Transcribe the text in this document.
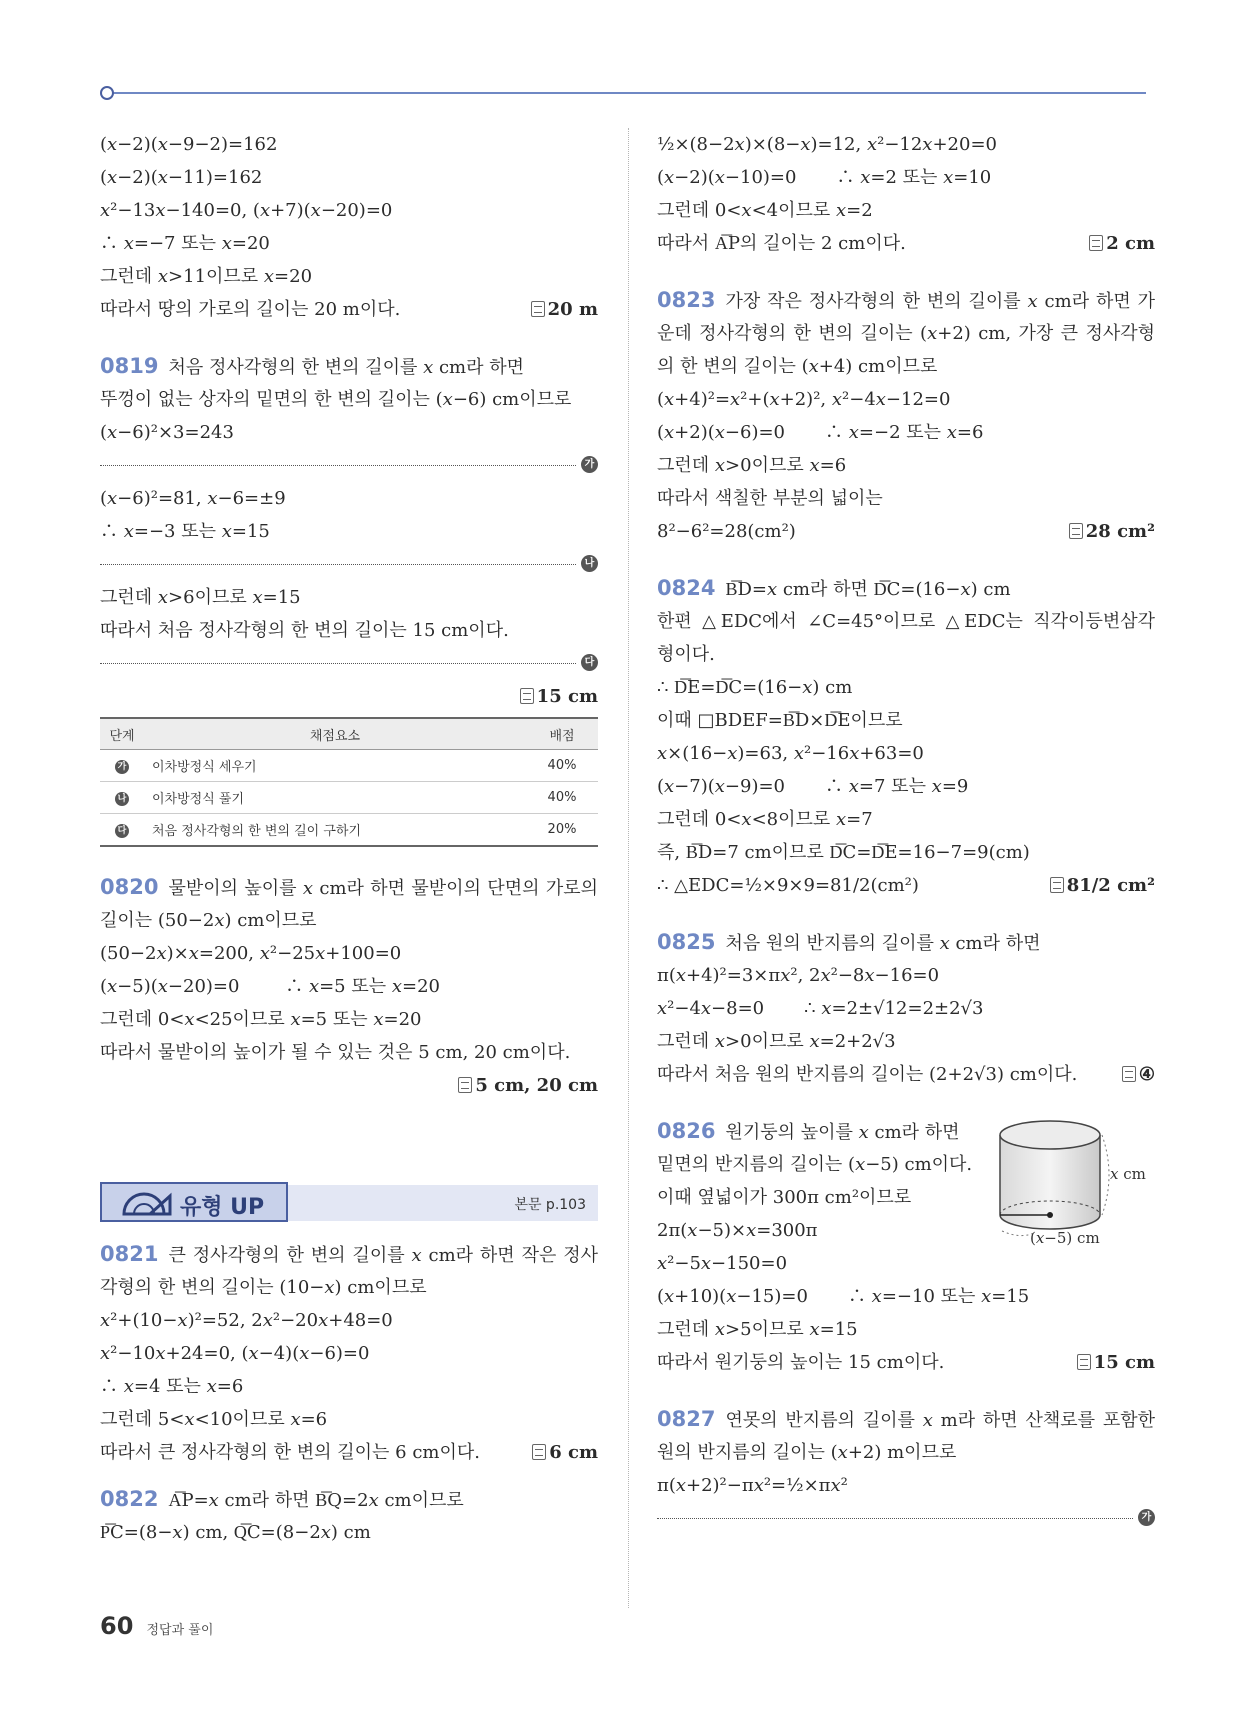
(𝑥−2)(𝑥−9−2)=162
(𝑥−2)(𝑥−11)=162
𝑥²−13𝑥−140=0, (𝑥+7)(𝑥−20)=0
∴ 𝑥=−7 또는 𝑥=20
그런데 𝑥>11이므로 𝑥=20
따라서 땅의 가로의 길이는 20 m이다.	20 m
0819 처음 정사각형의 한 변의 길이를 𝑥 cm라 하면
뚜껑이 없는 상자의 밑면의 한 변의 길이는 (𝑥−6) cm이므로
(𝑥−6)²×3=243
가
(𝑥−6)²=81, 𝑥−6=±9
∴ 𝑥=−3 또는 𝑥=15
나
그런데 𝑥>6이므로 𝑥=15
따라서 처음 정사각형의 한 변의 길이는 15 cm이다.
다
15 cm
단계	채점요소	배점
가	이차방정식 세우기	40%
나	이차방정식 풀기	40%
다	처음 정사각형의 한 변의 길이 구하기	20%
0820 물받이의 높이를 𝑥 cm라 하면 물받이의 단면의 가로의
길이는 (50−2𝑥) cm이므로
(50−2𝑥)×𝑥=200, 𝑥²−25𝑥+100=0
(𝑥−5)(𝑥−20)=0        ∴ 𝑥=5 또는 𝑥=20
그런데 0<𝑥<25이므로 𝑥=5 또는 𝑥=20
따라서 물받이의 높이가 될 수 있는 것은 5 cm, 20 cm이다.
5 cm, 20 cm
유형 UP	본문 p.103
0821 큰 정사각형의 한 변의 길이를 𝑥 cm라 하면 작은 정사
각형의 한 변의 길이는 (10−𝑥) cm이므로
𝑥²+(10−𝑥)²=52, 2𝑥²−20𝑥+48=0
𝑥²−10𝑥+24=0, (𝑥−4)(𝑥−6)=0
∴ 𝑥=4 또는 𝑥=6
그런데 5<𝑥<10이므로 𝑥=6
따라서 큰 정사각형의 한 변의 길이는 6 cm이다.	6 cm
0822 A͞P=𝑥 cm라 하면 B͞Q=2𝑥 cm이므로
P͞C=(8−𝑥) cm, Q͞C=(8−2𝑥) cm
½×(8−2𝑥)×(8−𝑥)=12, 𝑥²−12𝑥+20=0
(𝑥−2)(𝑥−10)=0       ∴ 𝑥=2 또는 𝑥=10
그런데 0<𝑥<4이므로 𝑥=2
따라서 A͞P의 길이는 2 cm이다.	2 cm
0823 가장 작은 정사각형의 한 변의 길이를 𝑥 cm라 하면 가
운데 정사각형의 한 변의 길이는 (𝑥+2) cm, 가장 큰 정사각형
의 한 변의 길이는 (𝑥+4) cm이므로
(𝑥+4)²=𝑥²+(𝑥+2)², 𝑥²−4𝑥−12=0
(𝑥+2)(𝑥−6)=0       ∴ 𝑥=−2 또는 𝑥=6
그런데 𝑥>0이므로 𝑥=6
따라서 색칠한 부분의 넓이는
8²−6²=28(cm²)	28 cm²
0824 B͞D=𝑥 cm라 하면 D͞C=(16−𝑥) cm
한편 △EDC에서 ∠C=45°이므로 △EDC는 직각이등변삼각
형이다.
∴ D͞E=D͞C=(16−𝑥) cm
이때 □BDEF=B͞D×D͞E이므로
𝑥×(16−𝑥)=63, 𝑥²−16𝑥+63=0
(𝑥−7)(𝑥−9)=0       ∴ 𝑥=7 또는 𝑥=9
그런데 0<𝑥<8이므로 𝑥=7
즉, B͞D=7 cm이므로 D͞C=D͞E=16−7=9(cm)
∴ △EDC=½×9×9=81/2(cm²)	81/2 cm²
0825 처음 원의 반지름의 길이를 𝑥 cm라 하면
π(𝑥+4)²=3×π𝑥², 2𝑥²−8𝑥−16=0
𝑥²−4𝑥−8=0       ∴ 𝑥=2±√12=2±2√3
그런데 𝑥>0이므로 𝑥=2+2√3
따라서 처음 원의 반지름의 길이는 (2+2√3) cm이다.	④
0826 원기둥의 높이를 𝑥 cm라 하면
밑면의 반지름의 길이는 (𝑥−5) cm이다.
이때 옆넓이가 300π cm²이므로
2π(𝑥−5)×𝑥=300π
𝑥²−5𝑥−150=0
(𝑥+10)(𝑥−15)=0       ∴ 𝑥=−10 또는 𝑥=15
그런데 𝑥>5이므로 𝑥=15
따라서 원기둥의 높이는 15 cm이다.	15 cm
𝑥 cm
(𝑥−5) cm
0827 연못의 반지름의 길이를 𝑥 m라 하면 산책로를 포함한
원의 반지름의 길이는 (𝑥+2) m이므로
π(𝑥+2)²−π𝑥²=½×π𝑥²
가
60 정답과 풀이
